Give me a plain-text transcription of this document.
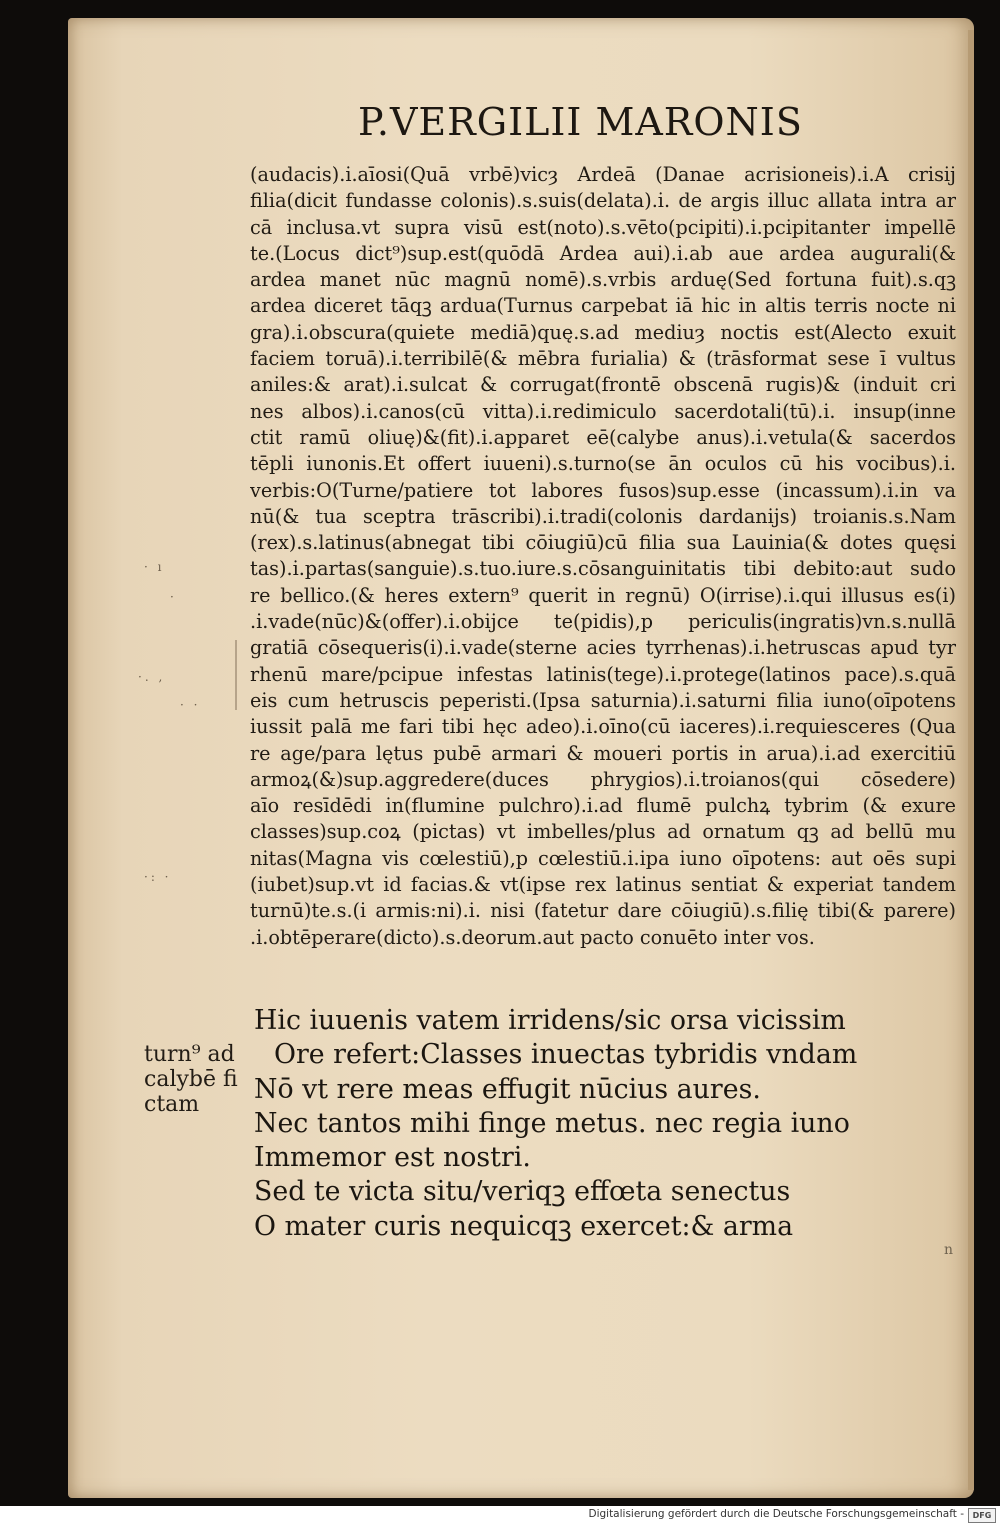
P.VERGILII MARONIS
(audacis).i.aīosi(Quā vrbē)vicȝ Ardeā (Danae acrisioneis).i.A crisij
filia(dicit fundasse colonis).s.suis(delata).i. de argis illuc allata intra ar
cā inclusa.vt supra visū est(noto).s.vēto(pcipiti).i.pcipitanter impellē
te.(Locus dict⁹)sup.est(quōdā Ardea aui).i.ab aue ardea augurali(&
ardea manet nūc magnū nomē).s.vrbis arduę(Sed fortuna fuit).s.qꝫ
ardea diceret tāqꝫ ardua(Turnus carpebat iā hic in altis terris nocte ni
gra).i.obscura(quiete mediā)quę.s.ad mediuȝ noctis est(Alecto exuit
faciem toruā).i.terribilē(& mēbra furialia) & (trāsformat sese ī vultus
aniles:& arat).i.sulcat & corrugat(frontē obscenā rugis)& (induit cri
nes albos).i.canos(cū vitta).i.redimiculo sacerdotali(tū).i. insup(inne
ctit ramū oliuę)&(fit).i.apparet eē(calybe anus).i.vetula(& sacerdos
tēpli iunonis.Et offert iuueni).s.turno(se ān oculos cū his vocibus).i.
verbis:O(Turne/patiere tot labores fusos)sup.esse (incassum).i.in va
nū(& tua sceptra trāscribi).i.tradi(colonis dardanijs) troianis.s.Nam
(rex).s.latinus(abnegat tibi cōiugiū)cū filia sua Lauinia(& dotes quęsi
tas).i.partas(sanguie).s.tuo.iure.s.cōsanguinitatis tibi debito:aut sudo
re bellico.(& heres extern⁹ querit in regnū) O(irrise).i.qui illusus es(i)
.i.vade(nūc)&(offer).i.obijce te(pidis),p periculis(ingratis)vn.s.nullā
gratiā cōsequeris(i).i.vade(sterne acies tyrrhenas).i.hetruscas apud tyr
rhenū mare/pcipue infestas latinis(tege).i.protege(latinos pace).s.quā
eis cum hetruscis peperisti.(Ipsa saturnia).i.saturni filia iuno(oīpotens
iussit palā me fari tibi hęc adeo).i.oīno(cū iaceres).i.requiesceres (Qua
re age/para lętus pubē armari & moueri portis in arua).i.ad exercitiū
armoꝝ(&)sup.aggredere(duces phrygios).i.troianos(qui cōsedere)
aīo resīdēdi in(flumine pulchro).i.ad flumē pulchꝝ tybrim (& exure
classes)sup.coꝝ (pictas) vt imbelles/plus ad ornatum qꝫ ad bellū mu
nitas(Magna vis cœlestiū),p cœlestiū.i.ipa iuno oīpotens: aut oēs supi
(iubet)sup.vt id facias.& vt(ipse rex latinus sentiat & experiat tandem
turnū)te.s.(i armis:ni).i. nisi (fatetur dare cōiugiū).s.filię tibi(& parere)
.i.obtēperare(dicto).s.deorum.aut pacto conuēto inter vos.
· ı
·
·. ,
· ·
·: ·
turn⁹ ad
calybē fi
ctam
Hic iuuenis vatem irridens/sic orsa vicissim
Ore refert:Classes inuectas tybridis vndam
Nō vt rere meas effugit nūcius aures.
Nec tantos mihi finge metus. nec regia iuno
Immemor est nostri.
Sed te victa situ/veriqꝫ effœta senectus
O mater curis nequicqꝫ exercet:& arma
n
Digitalisierung gefördert durch die Deutsche Forschungsgemeinschaft -	DFG
